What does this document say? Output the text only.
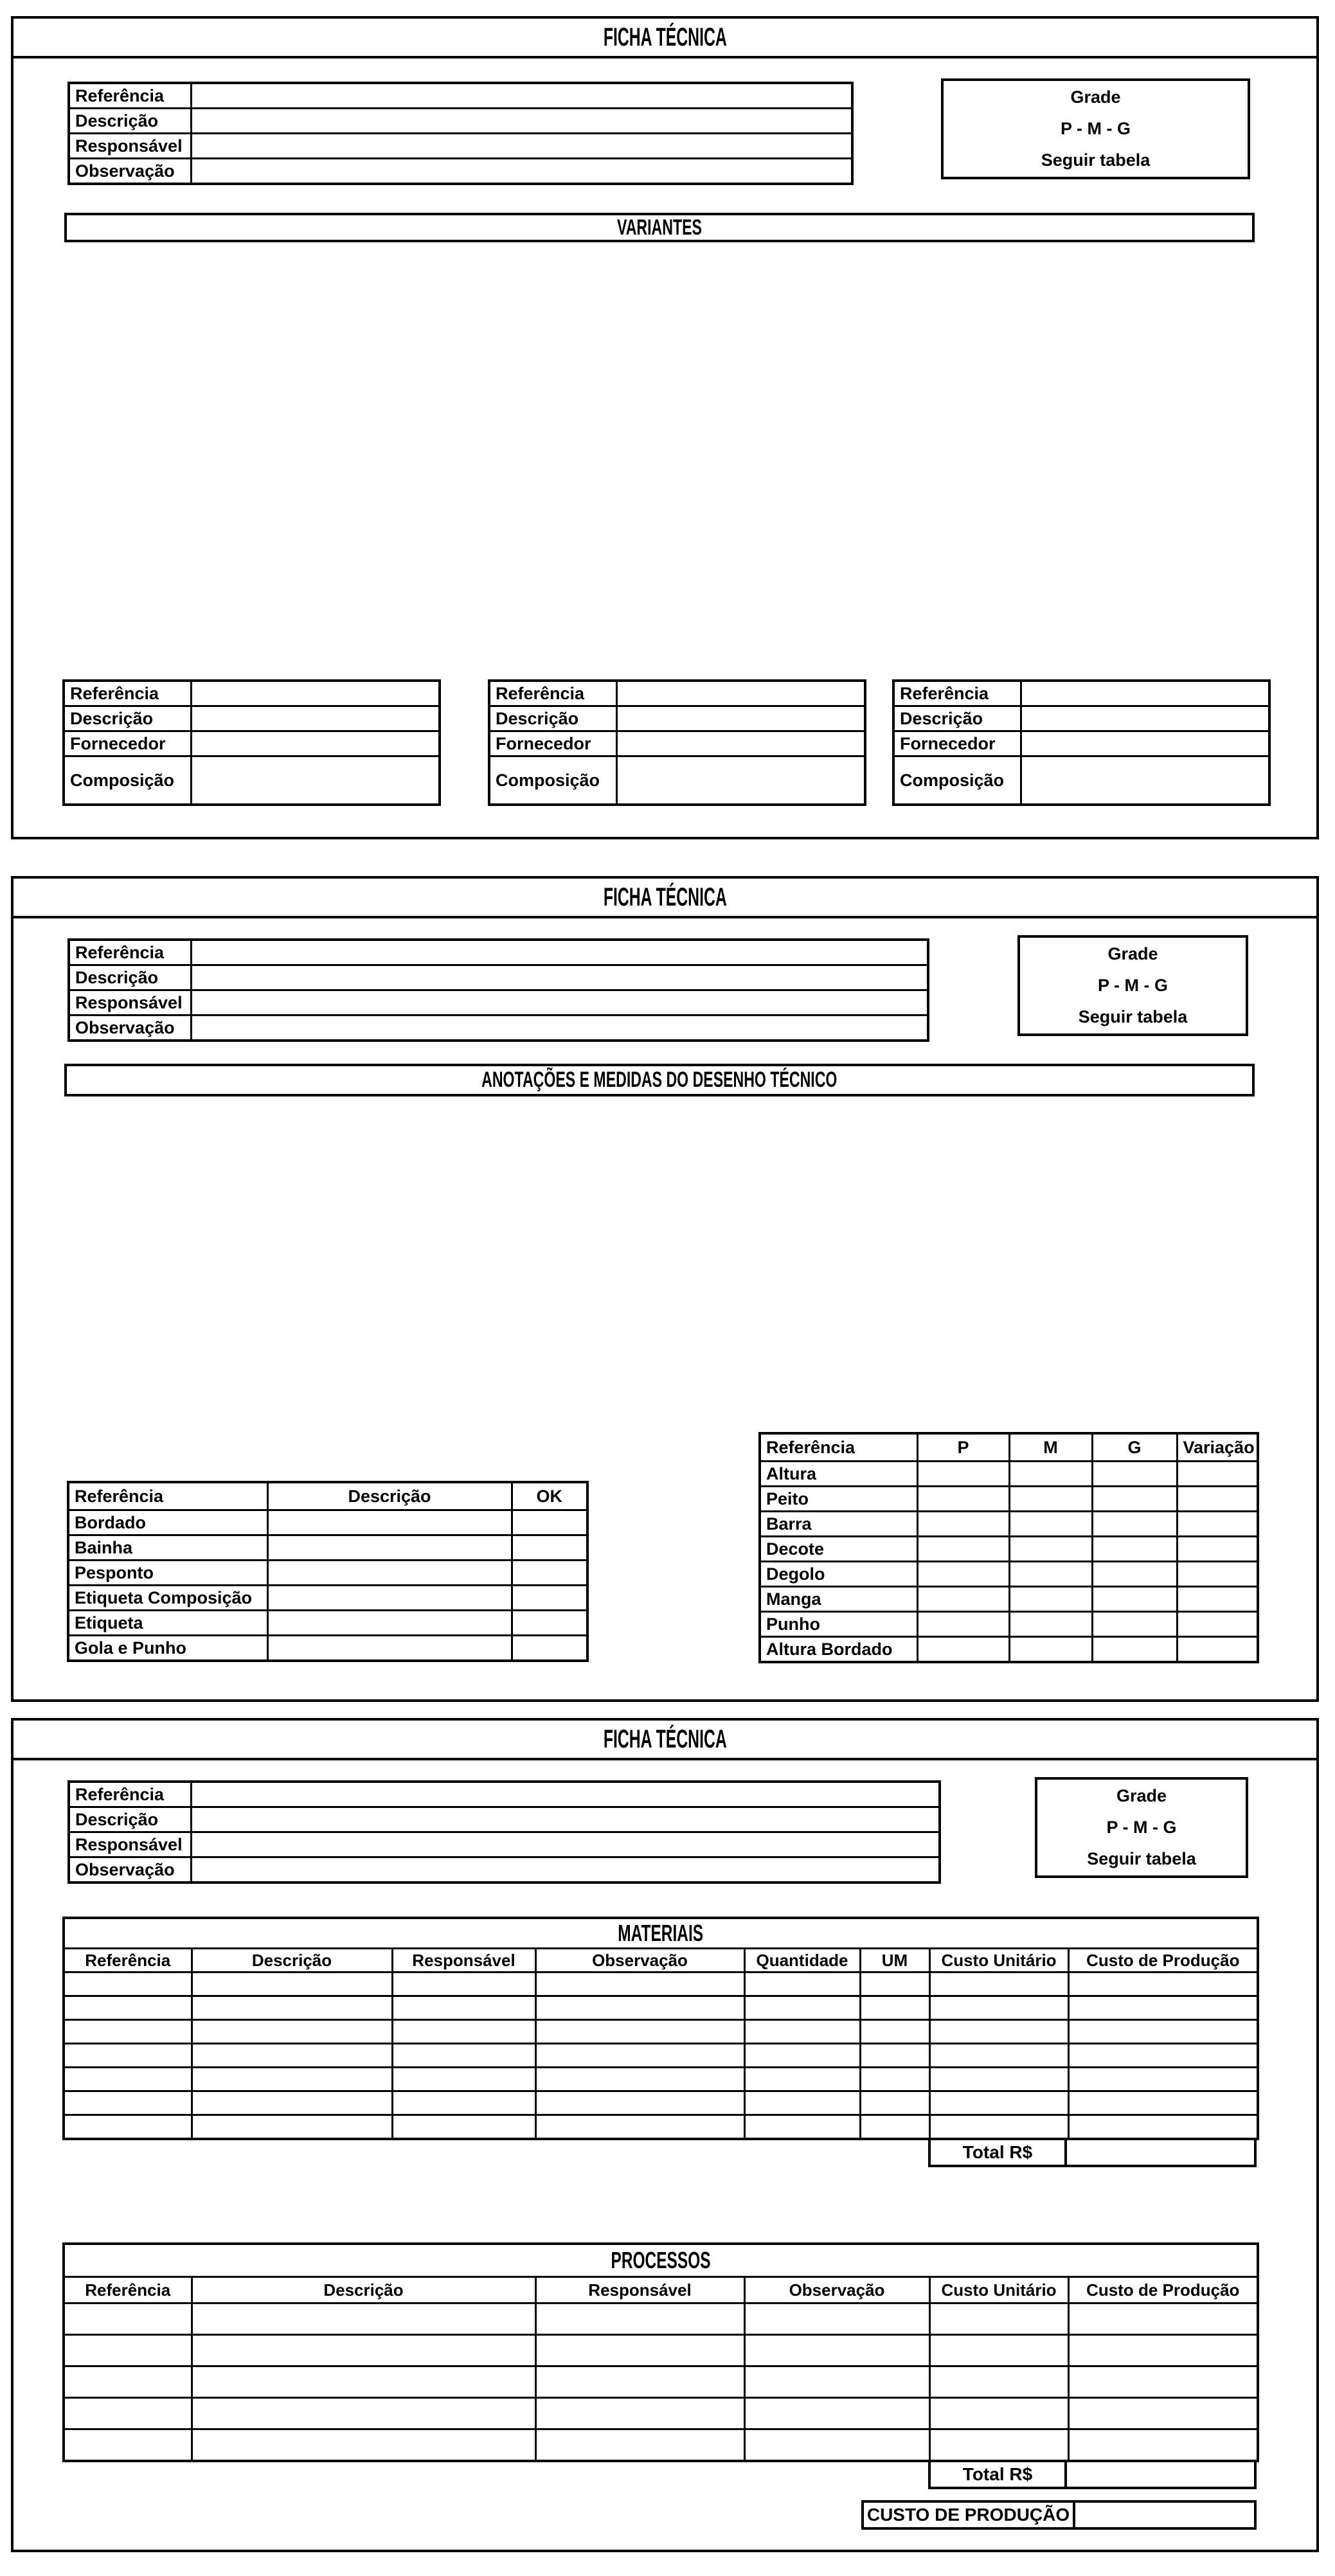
FICHA TÉCNICA
Referência	
Descrição	
Responsável	
Observação	
Grade
P - M - G
Seguir tabela
VARIANTES
Referência	
Descrição	
Fornecedor	
Composição	
Referência	
Descrição	
Fornecedor	
Composição	
Referência	
Descrição	
Fornecedor	
Composição	
FICHA TÉCNICA
Referência	
Descrição	
Responsável	
Observação	
Grade
P - M - G
Seguir tabela
ANOTAÇÕES E MEDIDAS DO DESENHO TÉCNICO
Referência	Descrição	OK
Bordado		
Bainha		
Pesponto		
Etiqueta Composição		
Etiqueta		
Gola e Punho		
Referência	P	M	G	Variação
Altura				
Peito				
Barra				
Decote				
Degolo				
Manga				
Punho				
Altura Bordado				
FICHA TÉCNICA
Referência	
Descrição	
Responsável	
Observação	
Grade
P - M - G
Seguir tabela
MATERIAIS							
Referência	Descrição	Responsável	Observação	Quantidade	UM	Custo Unitário	Custo de Produção

Total R$
PROCESSOS					
Referência	Descrição	Responsável	Observação	Custo Unitário	Custo de Produção

Total R$
CUSTO DE PRODUÇÃO
